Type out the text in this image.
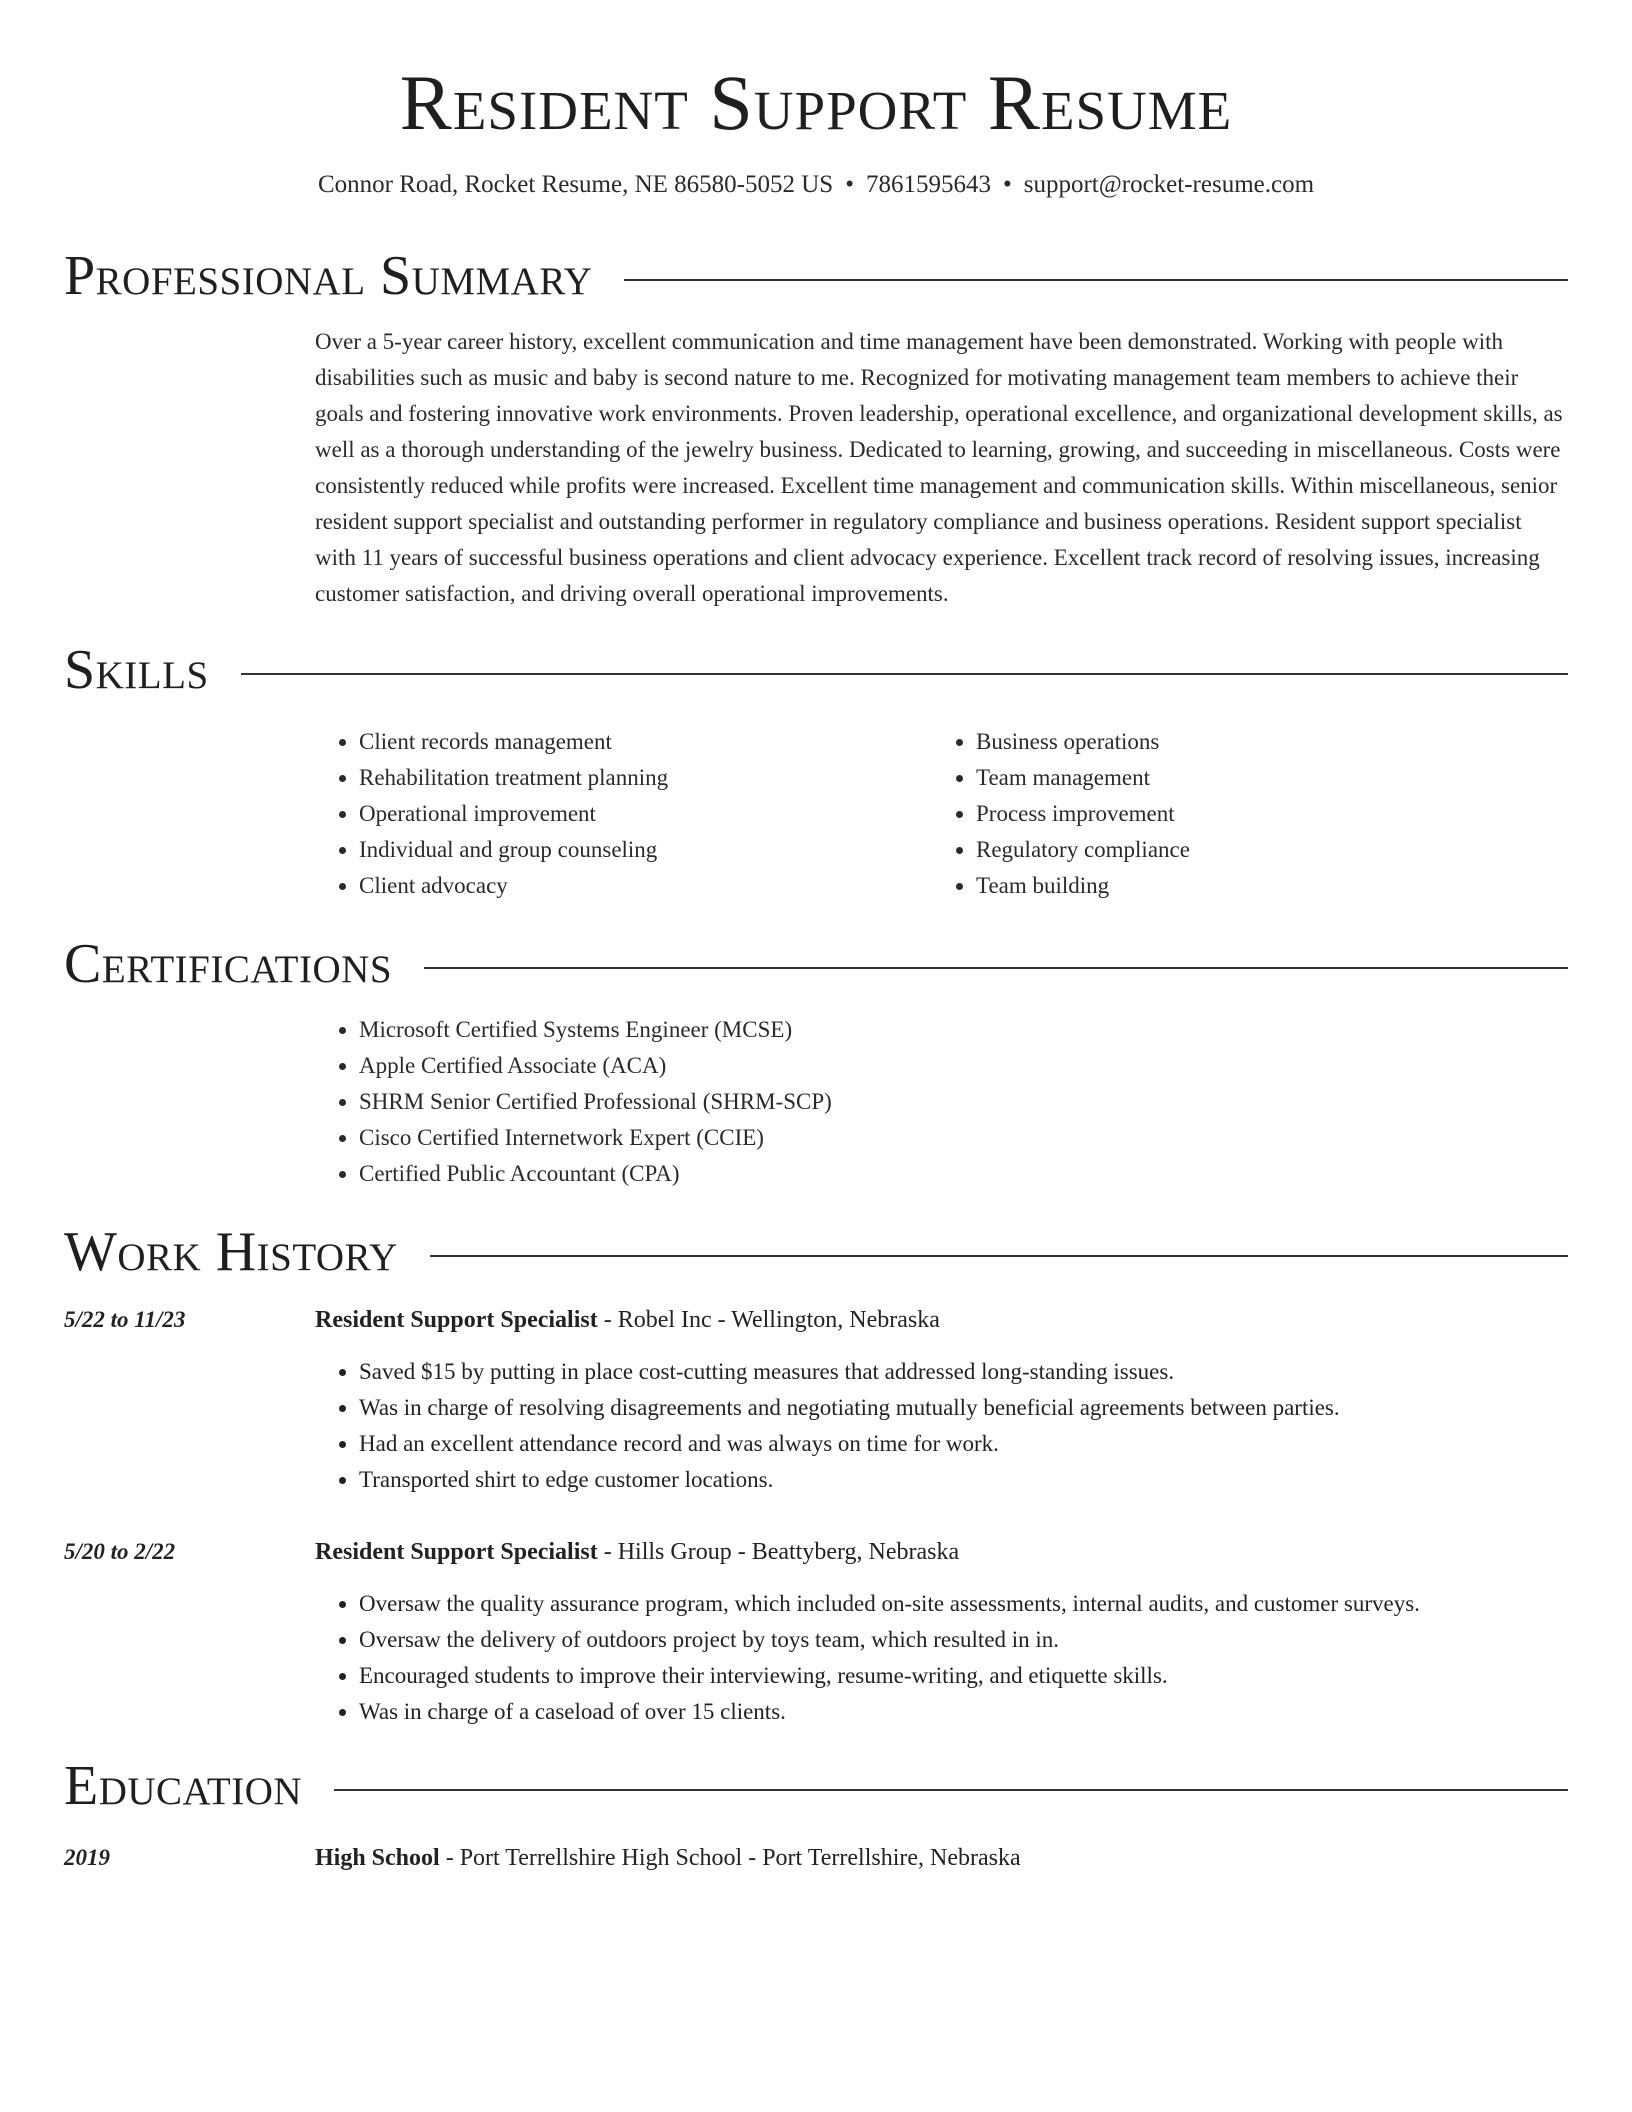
Resident Support Resume
Connor Road, Rocket Resume, NE 86580-5052 US • 7861595643 • support@rocket-resume.com
Professional Summary
Over a 5-year career history, excellent communication and time management have been demonstrated. Working with people with disabilities such as music and baby is second nature to me. Recognized for motivating management team members to achieve their goals and fostering innovative work environments. Proven leadership, operational excellence, and organizational development skills, as well as a thorough understanding of the jewelry business. Dedicated to learning, growing, and succeeding in miscellaneous. Costs were consistently reduced while profits were increased. Excellent time management and communication skills. Within miscellaneous, senior resident support specialist and outstanding performer in regulatory compliance and business operations. Resident support specialist with 11 years of successful business operations and client advocacy experience. Excellent track record of resolving issues, increasing customer satisfaction, and driving overall operational improvements.
Skills
• Client records management
• Rehabilitation treatment planning
• Operational improvement
• Individual and group counseling
• Client advocacy
• Business operations
• Team management
• Process improvement
• Regulatory compliance
• Team building
Certifications
• Microsoft Certified Systems Engineer (MCSE)
• Apple Certified Associate (ACA)
• SHRM Senior Certified Professional (SHRM-SCP)
• Cisco Certified Internetwork Expert (CCIE)
• Certified Public Accountant (CPA)
Work History
5/22 to 11/23	Resident Support Specialist - Robel Inc - Wellington, Nebraska
• Saved $15 by putting in place cost-cutting measures that addressed long-standing issues.
• Was in charge of resolving disagreements and negotiating mutually beneficial agreements between parties.
• Had an excellent attendance record and was always on time for work.
• Transported shirt to edge customer locations.
5/20 to 2/22	Resident Support Specialist - Hills Group - Beattyberg, Nebraska
• Oversaw the quality assurance program, which included on-site assessments, internal audits, and customer surveys.
• Oversaw the delivery of outdoors project by toys team, which resulted in in.
• Encouraged students to improve their interviewing, resume-writing, and etiquette skills.
• Was in charge of a caseload of over 15 clients.
Education
2019	High School - Port Terrellshire High School - Port Terrellshire, Nebraska
